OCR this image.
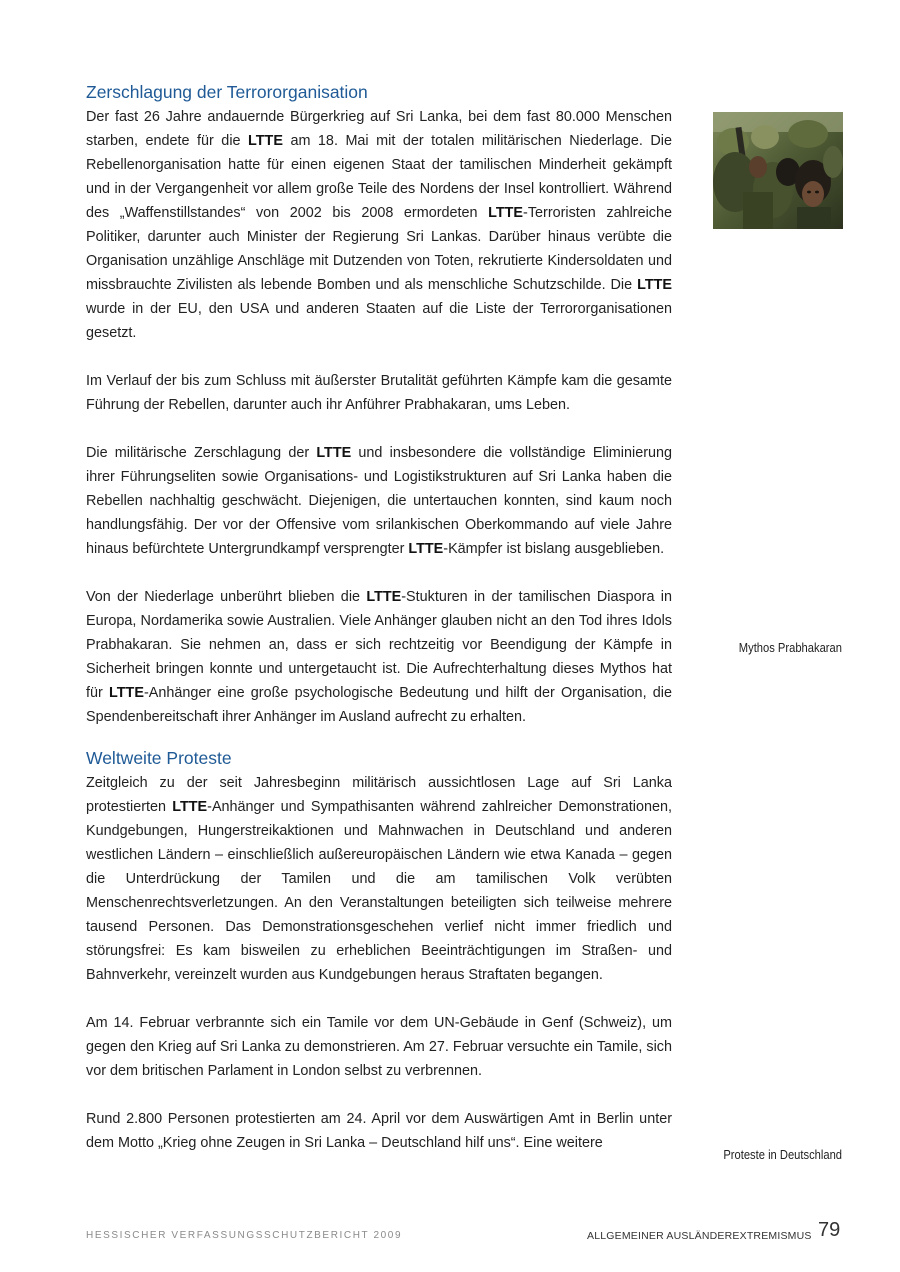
Zerschlagung der Terrororganisation

Der fast 26 Jahre andauernde Bürgerkrieg auf Sri Lanka, bei dem fast 80.000 Menschen starben, endete für die LTTE am 18. Mai mit der totalen militärischen Niederlage. Die Rebellenorganisation hatte für einen eigenen Staat der tamilischen Minderheit gekämpft und in der Vergangenheit vor allem große Teile des Nordens der Insel kontrolliert. Während des „Waffenstillstandes“ von 2002 bis 2008 ermordeten LTTE-Terroristen zahlreiche Politiker, darunter auch Minister der Regierung Sri Lankas. Darüber hinaus verübte die Organisation unzählige Anschläge mit Dutzenden von Toten, rekrutierte Kindersoldaten und missbrauchte Zivilisten als lebende Bomben und als menschliche Schutzschilde. Die LTTE wurde in der EU, den USA und anderen Staaten auf die Liste der Terrororganisationen gesetzt.

Im Verlauf der bis zum Schluss mit äußerster Brutalität geführten Kämpfe kam die gesamte Führung der Rebellen, darunter auch ihr Anführer Prabhakaran, ums Leben.

Die militärische Zerschlagung der LTTE und insbesondere die vollständige Eliminierung ihrer Führungseliten sowie Organisations- und Logistikstrukturen auf Sri Lanka haben die Rebellen nachhaltig geschwächt. Diejenigen, die untertauchen konnten, sind kaum noch handlungsfähig. Der vor der Offensive vom srilankischen Oberkommando auf viele Jahre hinaus befürchtete Untergrundkampf versprengter LTTE-Kämpfer ist bislang ausgeblieben.

Von der Niederlage unberührt blieben die LTTE-Stukturen in der tamilischen Diaspora in Europa, Nordamerika sowie Australien. Viele Anhänger glauben nicht an den Tod ihres Idols Prabhakaran. Sie nehmen an, dass er sich rechtzeitig vor Beendigung der Kämpfe in Sicherheit bringen konnte und untergetaucht ist. Die Aufrechterhaltung dieses Mythos hat für LTTE-Anhänger eine große psychologische Bedeutung und hilft der Organisation, die Spendenbereitschaft ihrer Anhänger im Ausland aufrecht zu erhalten.

Weltweite Proteste

Zeitgleich zu der seit Jahresbeginn militärisch aussichtlosen Lage auf Sri Lanka protestierten LTTE-Anhänger und Sympathisanten während zahlreicher Demonstrationen, Kundgebungen, Hungerstreikaktionen und Mahnwachen in Deutschland und anderen westlichen Ländern – einschließlich außereuropäischen Ländern wie etwa Kanada – gegen die Unterdrückung der Tamilen und die am tamilischen Volk verübten Menschenrechtsverletzungen. An den Veranstaltungen beteiligten sich teilweise mehrere tausend Personen. Das Demonstrationsgeschehen verlief nicht immer friedlich und störungsfrei: Es kam bisweilen zu erheblichen Beeinträchtigungen im Straßen- und Bahnverkehr, vereinzelt wurden aus Kundgebungen heraus Straftaten begangen.

Am 14. Februar verbrannte sich ein Tamile vor dem UN-Gebäude in Genf (Schweiz), um gegen den Krieg auf Sri Lanka zu demonstrieren. Am 27. Februar versuchte ein Tamile, sich vor dem britischen Parlament in London selbst zu verbrennen.

Rund 2.800 Personen protestierten am 24. April vor dem Auswärtigen Amt in Berlin unter dem Motto „Krieg ohne Zeugen in Sri Lanka – Deutschland hilf uns“. Eine weitere

Mythos Prabhakaran
Proteste in Deutschland
HESSISCHER VERFASSUNGSSCHUTZBERICHT 2009	ALLGEMEINER AUSLÄNDEREXTREMISMUS 79
